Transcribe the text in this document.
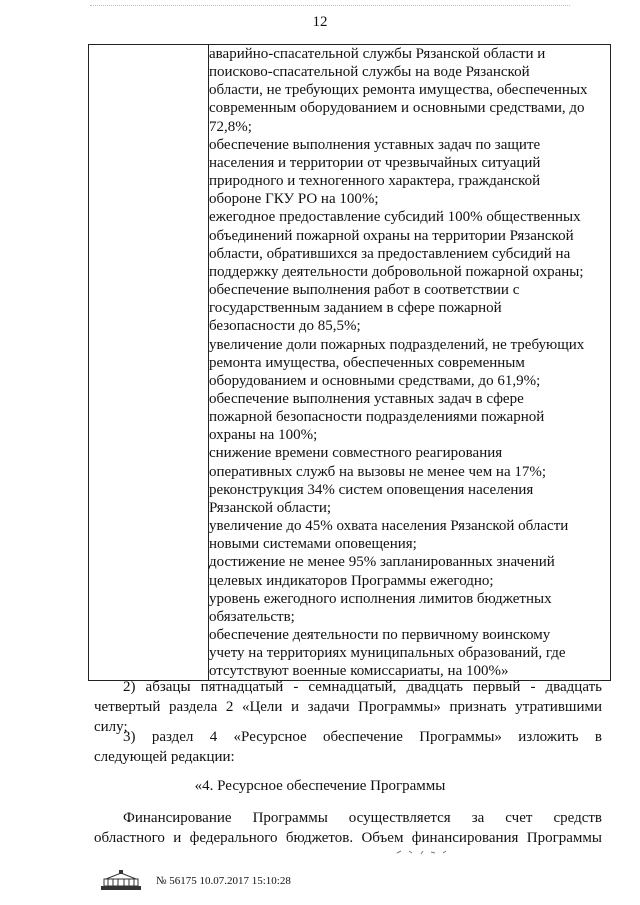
12

аварийно-спасательной службы Рязанской области и
поисково-спасательной службы на воде Рязанской
области, не требующих ремонта имущества, обеспеченных
современным оборудованием и основными средствами, до
72,8%;
обеспечение выполнения уставных задач по защите
населения и территории от чрезвычайных ситуаций
природного и техногенного характера, гражданской
обороне ГКУ РО на 100%;
ежегодное предоставление субсидий 100% общественных
объединений пожарной охраны на территории Рязанской
области, обратившихся за предоставлением субсидий на
поддержку деятельности добровольной пожарной охраны;
обеспечение выполнения работ в соответствии с
государственным заданием в сфере пожарной
безопасности до 85,5%;
увеличение доли пожарных подразделений, не требующих
ремонта имущества, обеспеченных современным
оборудованием и основными средствами, до 61,9%;
обеспечение выполнения уставных задач в сфере
пожарной безопасности подразделениями пожарной
охраны на 100%;
снижение времени совместного реагирования
оперативных служб на вызовы не менее чем на 17%;
реконструкция 34% систем оповещения населения
Рязанской области;
увеличение до 45% охвата населения Рязанской области
новыми системами оповещения;
достижение не менее 95% запланированных значений
целевых индикаторов Программы ежегодно;
уровень ежегодного исполнения лимитов бюджетных
обязательств;
обеспечение деятельности по первичному воинскому
учету на территориях муниципальных образований, где
отсутствуют военные комиссариаты, на 100%»
2) абзацы пятнадцатый - семнадцатый, двадцать первый - двадцать
четвертый раздела 2 «Цели и задачи Программы» признать утратившими
силу;
3) раздел 4 «Ресурсное обеспечение Программы» изложить в
следующей редакции:
«4. Ресурсное обеспечение Программы
Финансирование Программы осуществляется за счет средств
областного и федерального бюджетов. Объем финансирования Программы
№ 56175 10.07.2017 15:10:28
